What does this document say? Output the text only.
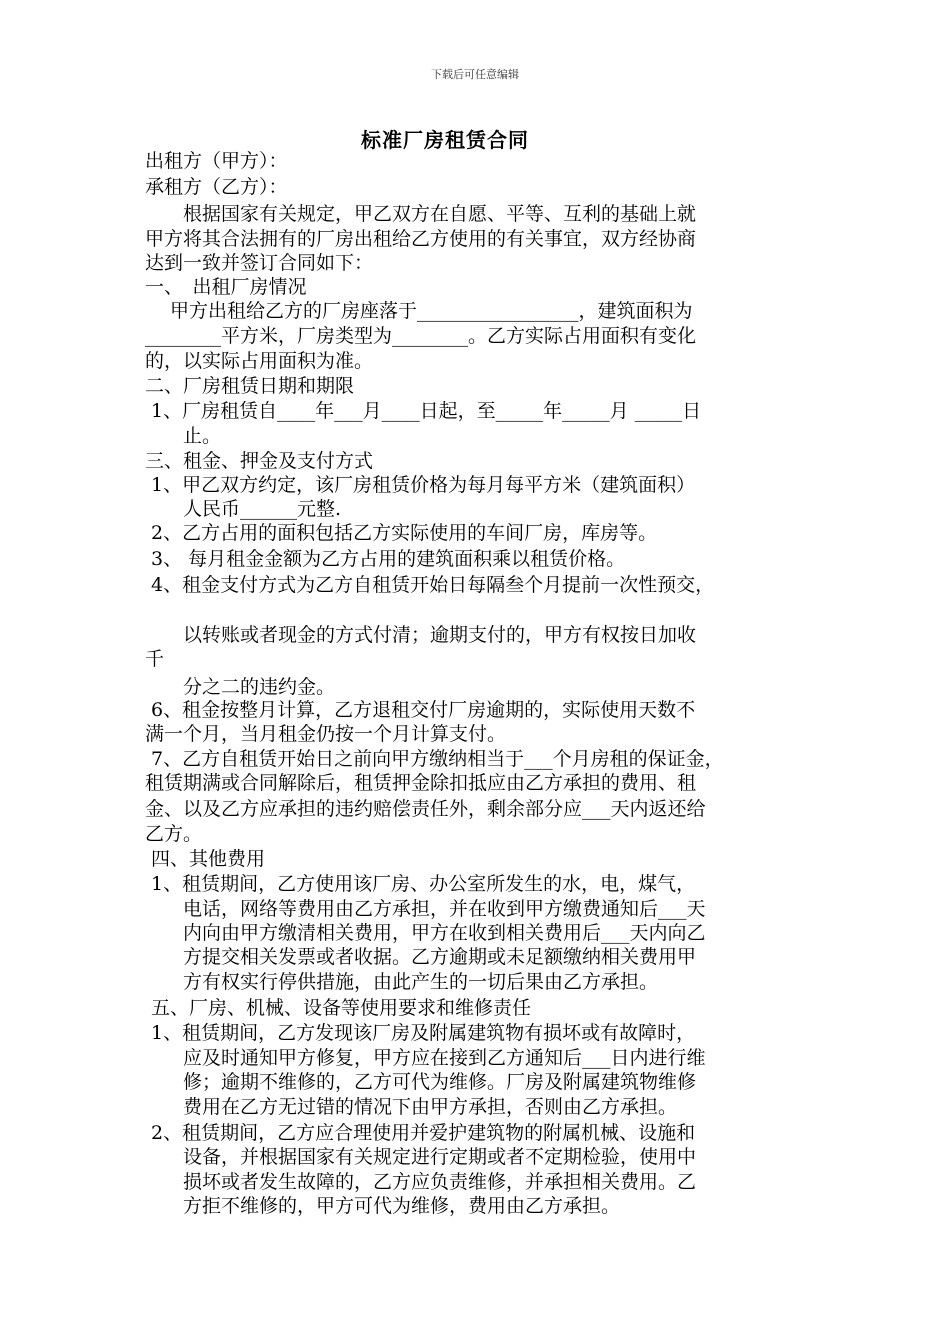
下载后可任意编辑
标准厂房租赁合同
出租方（甲方）：
承租方（乙方）：
　　根据国家有关规定，甲乙双方在自愿、平等、互利的基础上就
甲方将其合法拥有的厂房出租给乙方使用的有关事宜，双方经协商
达到一致并签订合同如下：
一、　出租厂房情况
　 甲方出租给乙方的厂房座落于_________________，建筑面积为
________平方米，厂房类型为________。乙方实际占用面积有变化
的，以实际占用面积为准。
二、厂房租赁日期和期限
1、厂房租赁自____年___月____日起，至_____年_____月 _____日
　　止。
三、租金、押金及支付方式
1、甲乙双方约定，该厂房租赁价格为每月每平方米（建筑面积）
　　人民币______元整.
2、乙方占用的面积包括乙方实际使用的车间厂房，库房等。
3、 每月租金金额为乙方占用的建筑面积乘以租赁价格。
4、租金支付方式为乙方自租赁开始日每隔叁个月提前一次性预交，
　　以转账或者现金的方式付清；逾期支付的，甲方有权按日加收
千
　　分之二的违约金。
6、租金按整月计算，乙方退租交付厂房逾期的，实际使用天数不
满一个月，当月租金仍按一个月计算支付。
7、乙方自租赁开始日之前向甲方缴纳相当于___个月房租的保证金，
租赁期满或合同解除后，租赁押金除扣抵应由乙方承担的费用、租
金、以及乙方应承担的违约赔偿责任外，剩余部分应___天内返还给
乙方。
四、其他费用
1、租赁期间，乙方使用该厂房、办公室所发生的水，电，煤气，
　　电话，网络等费用由乙方承担，并在收到甲方缴费通知后___天
　　内向由甲方缴清相关费用，甲方在收到相关费用后___天内向乙
　　方提交相关发票或者收据。乙方逾期或未足额缴纳相关费用甲
　　方有权实行停供措施，由此产生的一切后果由乙方承担。
五、厂房、机械、设备等使用要求和维修责任
1、租赁期间，乙方发现该厂房及附属建筑物有损坏或有故障时，
　　应及时通知甲方修复，甲方应在接到乙方通知后___日内进行维
　　修；逾期不维修的，乙方可代为维修。厂房及附属建筑物维修
　　费用在乙方无过错的情况下由甲方承担，否则由乙方承担。
2、租赁期间，乙方应合理使用并爱护建筑物的附属机械、设施和
　　设备，并根据国家有关规定进行定期或者不定期检验，使用中
　　损坏或者发生故障的，乙方应负责维修，并承担相关费用。乙
　　方拒不维修的，甲方可代为维修，费用由乙方承担。
